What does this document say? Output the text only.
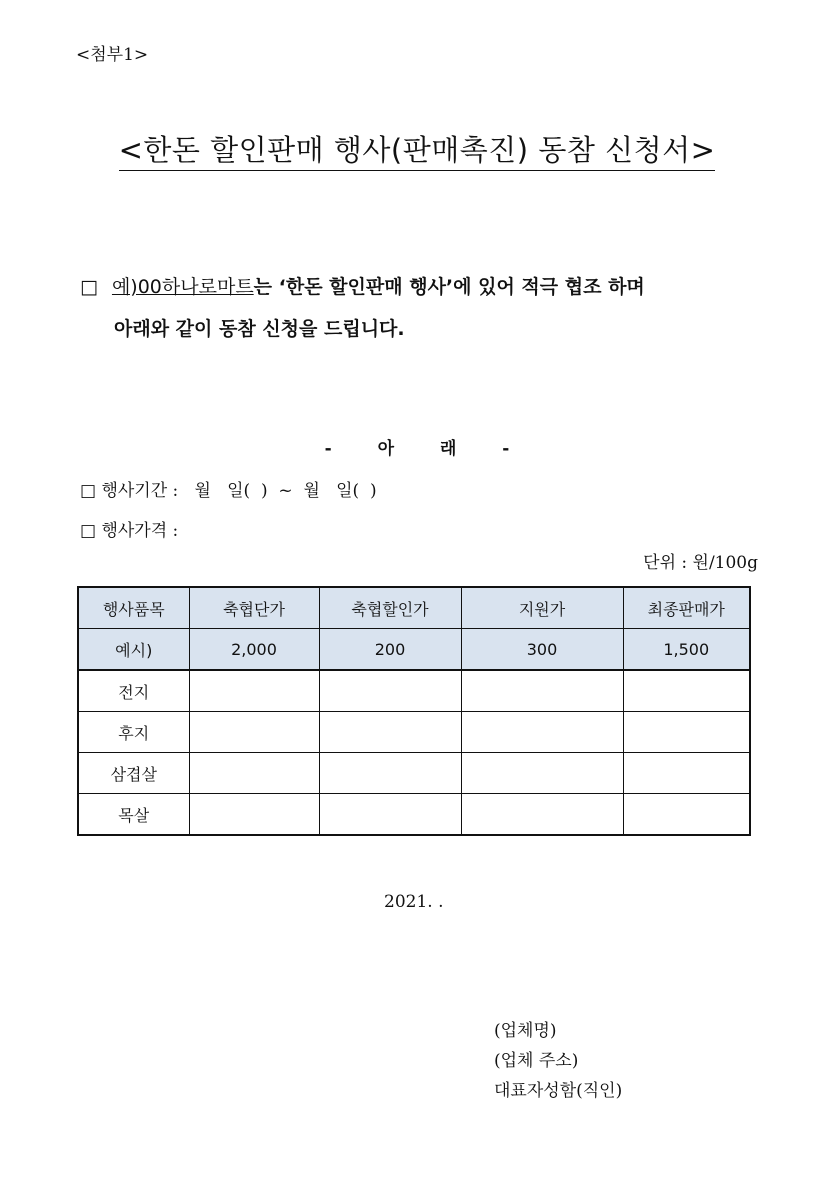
<첨부1>
<한돈 할인판매 행사(판매촉진) 동참 신청서>
□ 예)00하나로마트는 ‘한돈 할인판매 행사’에 있어 적극 협조 하며
아래와 같이 동참 신청을 드립니다.
- 아 래 -
□ 행사기간 :   월   일(  )  ~  월   일(  )
□ 행사가격 :
단위 : 원/100g
행사품목	축협단가	축협할인가	지원가	최종판매가
예시)	2,000	200	300	1,500
전지				
후지				
삼겹살				
목살				
2021. .
(업체명)
(업체 주소)
대표자성함(직인)
